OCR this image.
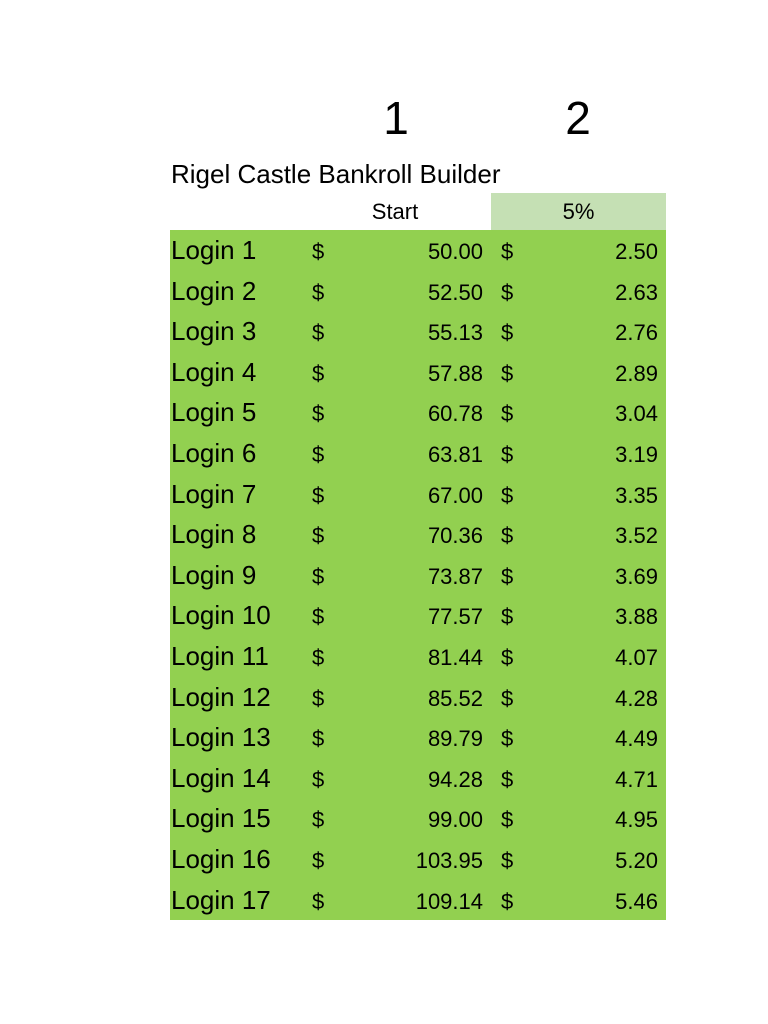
1	2
Rigel Castle Bankroll Builder
Start	5%
Login 1	$	50.00 $	2.50
Login 2	$	52.50 $	2.63
Login 3	$	55.13 $	2.76
Login 4	$	57.88 $	2.89
Login 5	$	60.78 $	3.04
Login 6	$	63.81 $	3.19
Login 7	$	67.00 $	3.35
Login 8	$	70.36 $	3.52
Login 9	$	73.87 $	3.69
Login 10 $	77.57 $	3.88
Login 11 $	81.44 $	4.07
Login 12 $	85.52 $	4.28
Login 13 $	89.79 $	4.49
Login 14 $	94.28 $	4.71
Login 15 $	99.00 $	4.95
Login 16 $	103.95 $	5.20
Login 17 $	109.14 $	5.46
